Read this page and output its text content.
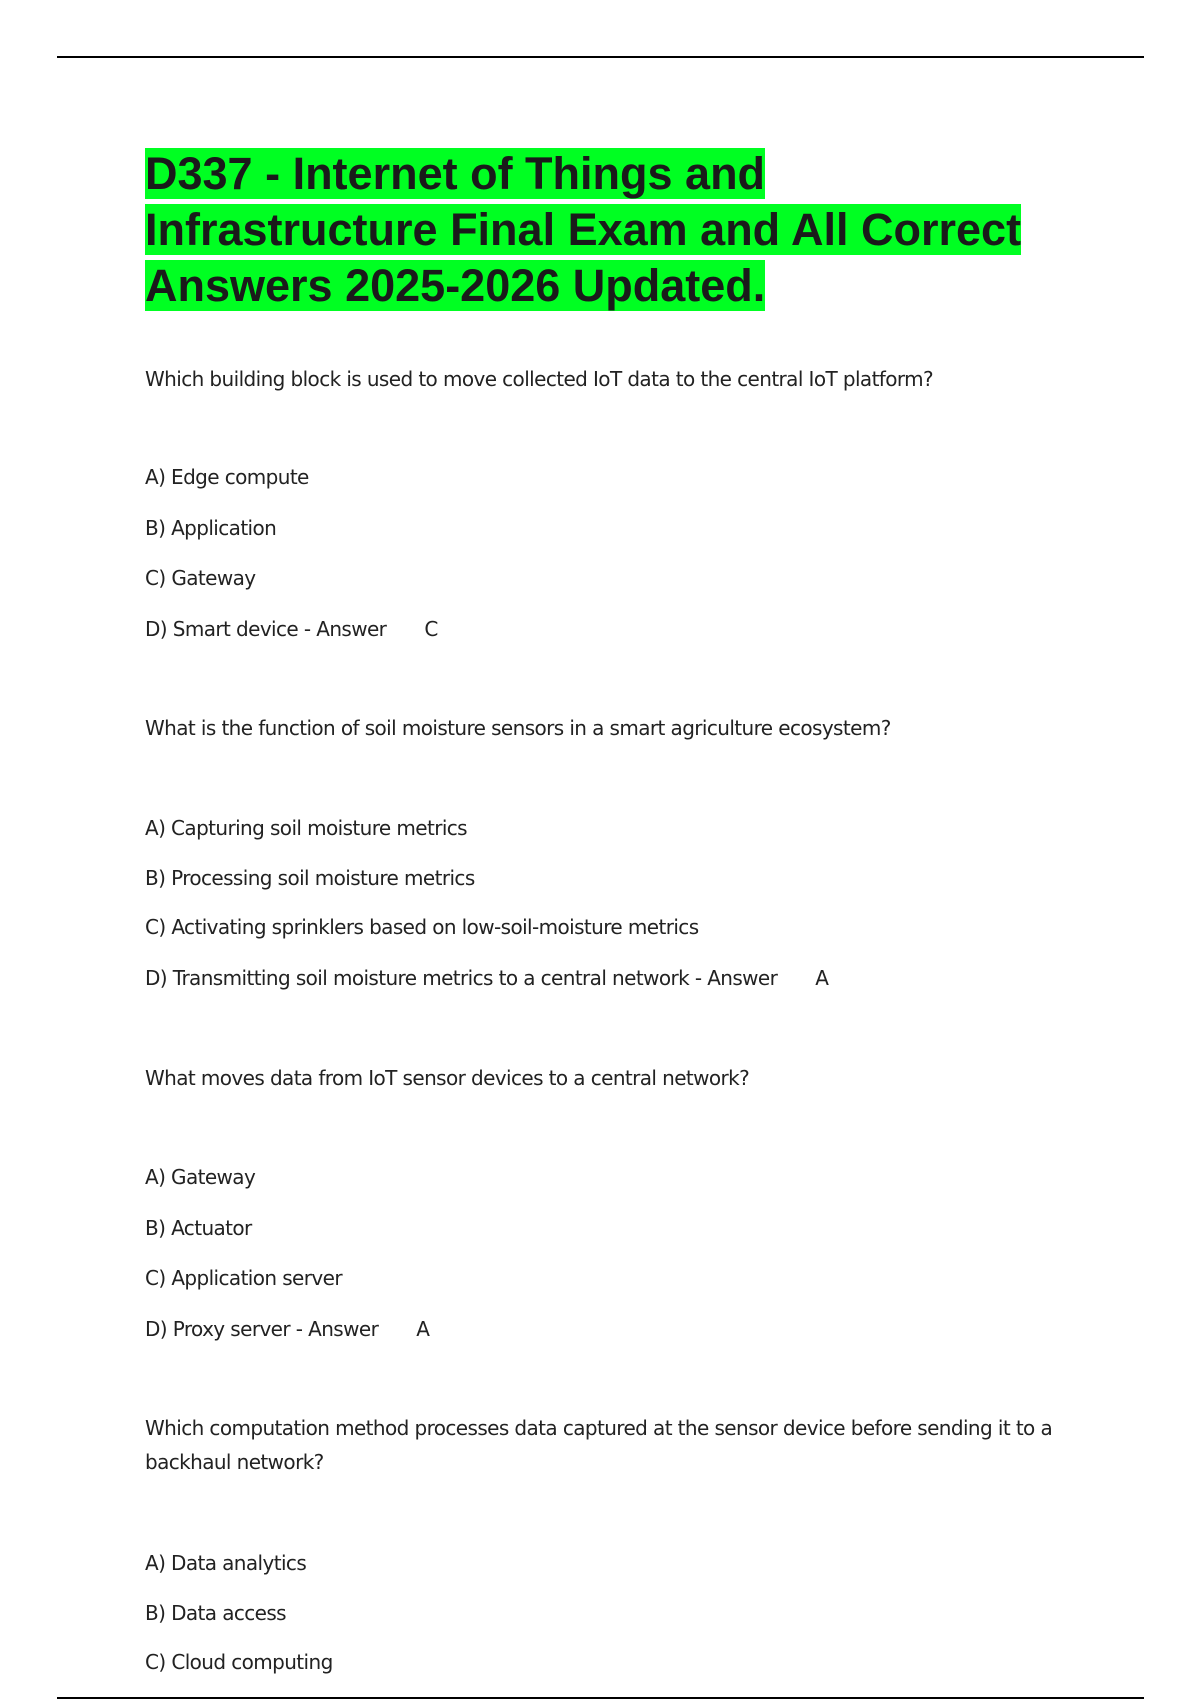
D337 - Internet of Things and Infrastructure Final Exam and All Correct Answers 2025-2026 Updated.

Which building block is used to move collected IoT data to the central IoT platform?

A) Edge compute

B) Application

C) Gateway

D) Smart device - Answer C

What is the function of soil moisture sensors in a smart agriculture ecosystem?

A) Capturing soil moisture metrics

B) Processing soil moisture metrics

C) Activating sprinklers based on low-soil-moisture metrics

D) Transmitting soil moisture metrics to a central network - Answer A

What moves data from IoT sensor devices to a central network?

A) Gateway

B) Actuator

C) Application server

D) Proxy server - Answer A

Which computation method processes data captured at the sensor device before sending it to a backhaul network?

A) Data analytics

B) Data access

C) Cloud computing
